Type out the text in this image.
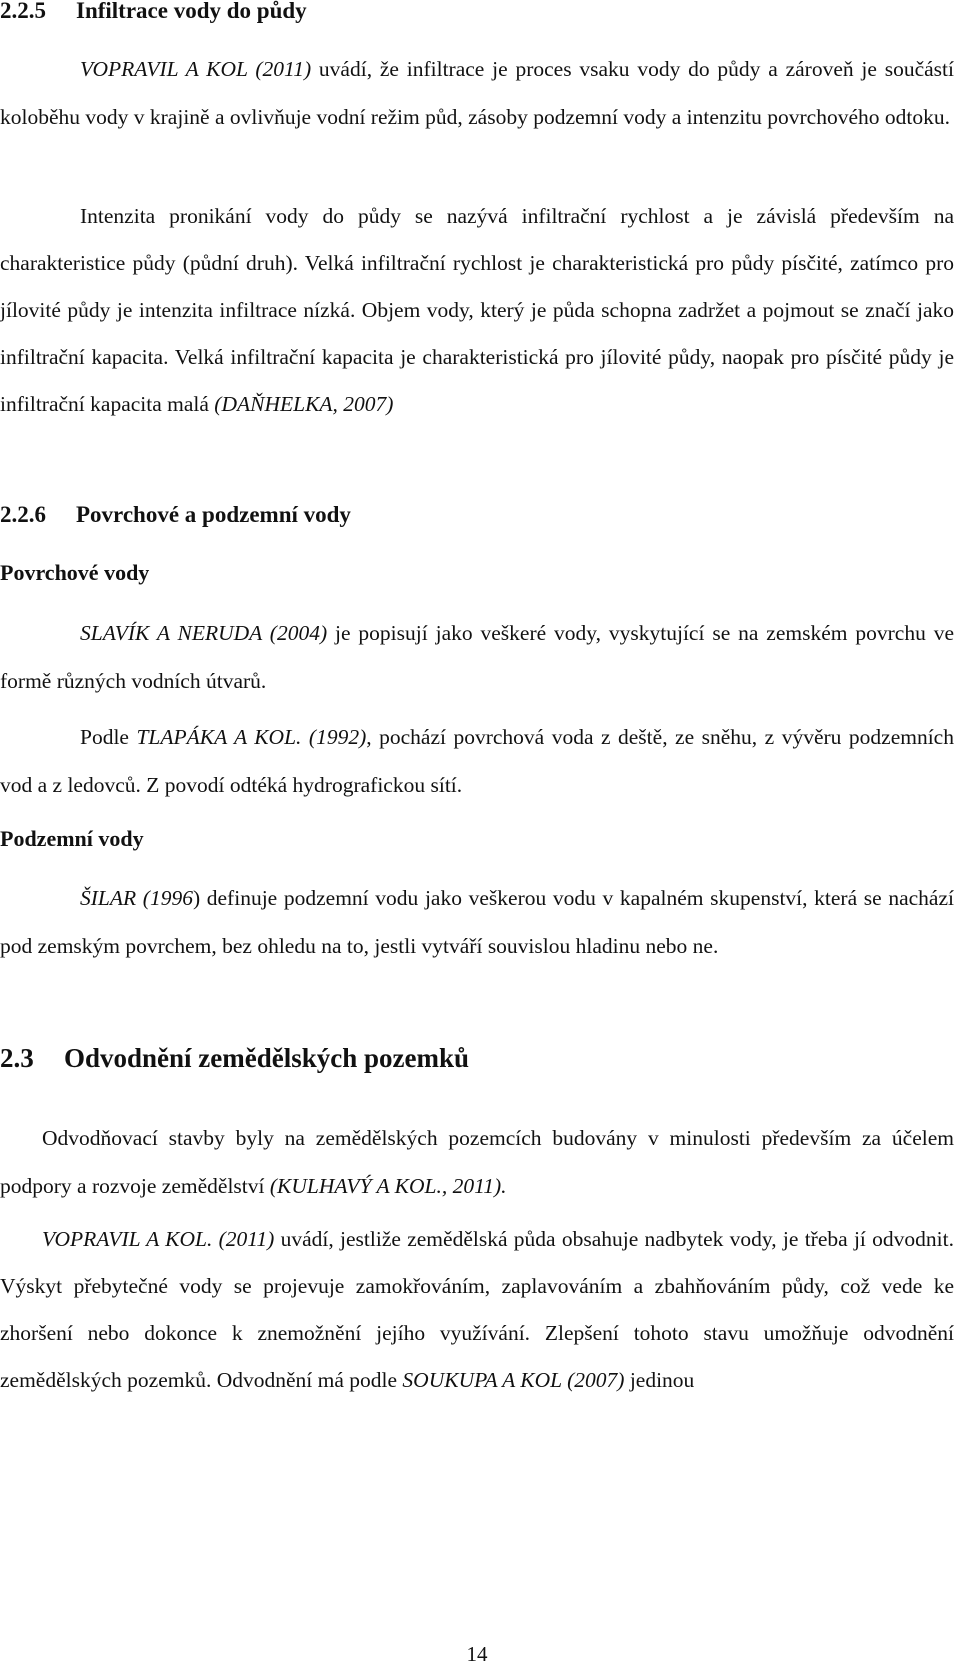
2.2.5 Infiltrace vody do půdy

VOPRAVIL A KOL (2011) uvádí, že infiltrace je proces vsaku vody do půdy a zároveň je součástí koloběhu vody v krajině a ovlivňuje vodní režim půd, zásoby podzemní vody a intenzitu povrchového odtoku.

Intenzita pronikání vody do půdy se nazývá infiltrační rychlost a je závislá především na charakteristice půdy (půdní druh). Velká infiltrační rychlost je charakteristická pro půdy písčité, zatímco pro jílovité půdy je intenzita infiltrace nízká. Objem vody, který je půda schopna zadržet a pojmout se značí jako infiltrační kapacita. Velká infiltrační kapacita je charakteristická pro jílovité půdy, naopak pro písčité půdy je infiltrační kapacita malá (DAŇHELKA, 2007)

2.2.6 Povrchové a podzemní vody
Povrchové vody

SLAVÍK A NERUDA (2004) je popisují jako veškeré vody, vyskytující se na zemském povrchu ve formě různých vodních útvarů.

Podle TLAPÁKA A KOL. (1992), pochází povrchová voda z deště, ze sněhu, z vývěru podzemních vod a z ledovců. Z povodí odtéká hydrografickou sítí.

Podzemní vody

ŠILAR (1996) definuje podzemní vodu jako veškerou vodu v kapalném skupenství, která se nachází pod zemským povrchem, bez ohledu na to, jestli vytváří souvislou hladinu nebo ne.

2.3 Odvodnění zemědělských pozemků

Odvodňovací stavby byly na zemědělských pozemcích budovány v minulosti především za účelem podpory a rozvoje zemědělství (KULHAVÝ A KOL., 2011).

VOPRAVIL A KOL. (2011) uvádí, jestliže zemědělská půda obsahuje nadbytek vody, je třeba jí odvodnit. Výskyt přebytečné vody se projevuje zamokřováním, zaplavováním a zbahňováním půdy, což vede ke zhoršení nebo dokonce k znemožnění jejího využívání. Zlepšení tohoto stavu umožňuje odvodnění zemědělských pozemků. Odvodnění má podle SOUKUPA A KOL (2007) jedinou

14
